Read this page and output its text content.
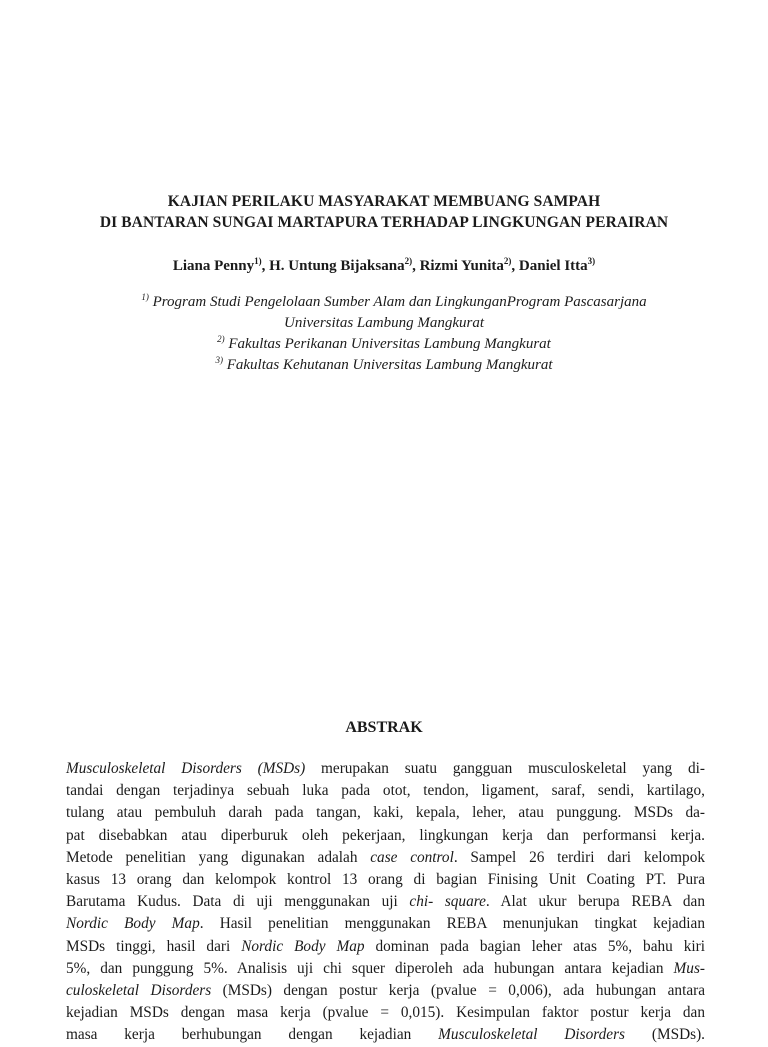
KAJIAN PERILAKU MASYARAKAT MEMBUANG SAMPAH
DI BANTARAN SUNGAI MARTAPURA TERHADAP LINGKUNGAN PERAIRAN
Liana Penny$^{1)}$, H. Untung Bijaksana$^{2)}$, Rizmi Yunita$^{2)}$, Daniel Itta$^{3)}$
$^{1)}$ Program Studi Pengelolaan Sumber Alam dan LingkunganProgram Pascasarjana
Universitas Lambung Mangkurat
$^{2)}$ Fakultas Perikanan Universitas Lambung Mangkurat
$^{3)}$ Fakultas Kehutanan Universitas Lambung Mangkurat
ABSTRAK
Musculoskeletal Disorders (MSDs) merupakan suatu gangguan musculoskeletal yang di-
tandai dengan terjadinya sebuah luka pada otot, tendon, ligament, saraf, sendi, kartilago,
tulang atau pembuluh darah pada tangan, kaki, kepala, leher, atau punggung. MSDs da-
pat disebabkan atau diperburuk oleh pekerjaan, lingkungan kerja dan performansi kerja.
Metode penelitian yang digunakan adalah case control. Sampel 26 terdiri dari kelompok
kasus 13 orang dan kelompok kontrol 13 orang di bagian Finising Unit Coating PT. Pura
Barutama Kudus. Data di uji menggunakan uji chi- square. Alat ukur berupa REBA dan
Nordic Body Map. Hasil penelitian menggunakan REBA menunjukan tingkat kejadian
MSDs tinggi, hasil dari Nordic Body Map dominan pada bagian leher atas 5%, bahu kiri
5%, dan punggung 5%. Analisis uji chi squer diperoleh ada hubungan antara kejadian Mus-
culoskeletal Disorders (MSDs) dengan postur kerja (pvalue = 0,006), ada hubungan antara
kejadian MSDs dengan masa kerja (pvalue = 0,015). Kesimpulan faktor postur kerja dan
masa kerja berhubungan dengan kejadian Musculoskeletal Disorders (MSDs).
